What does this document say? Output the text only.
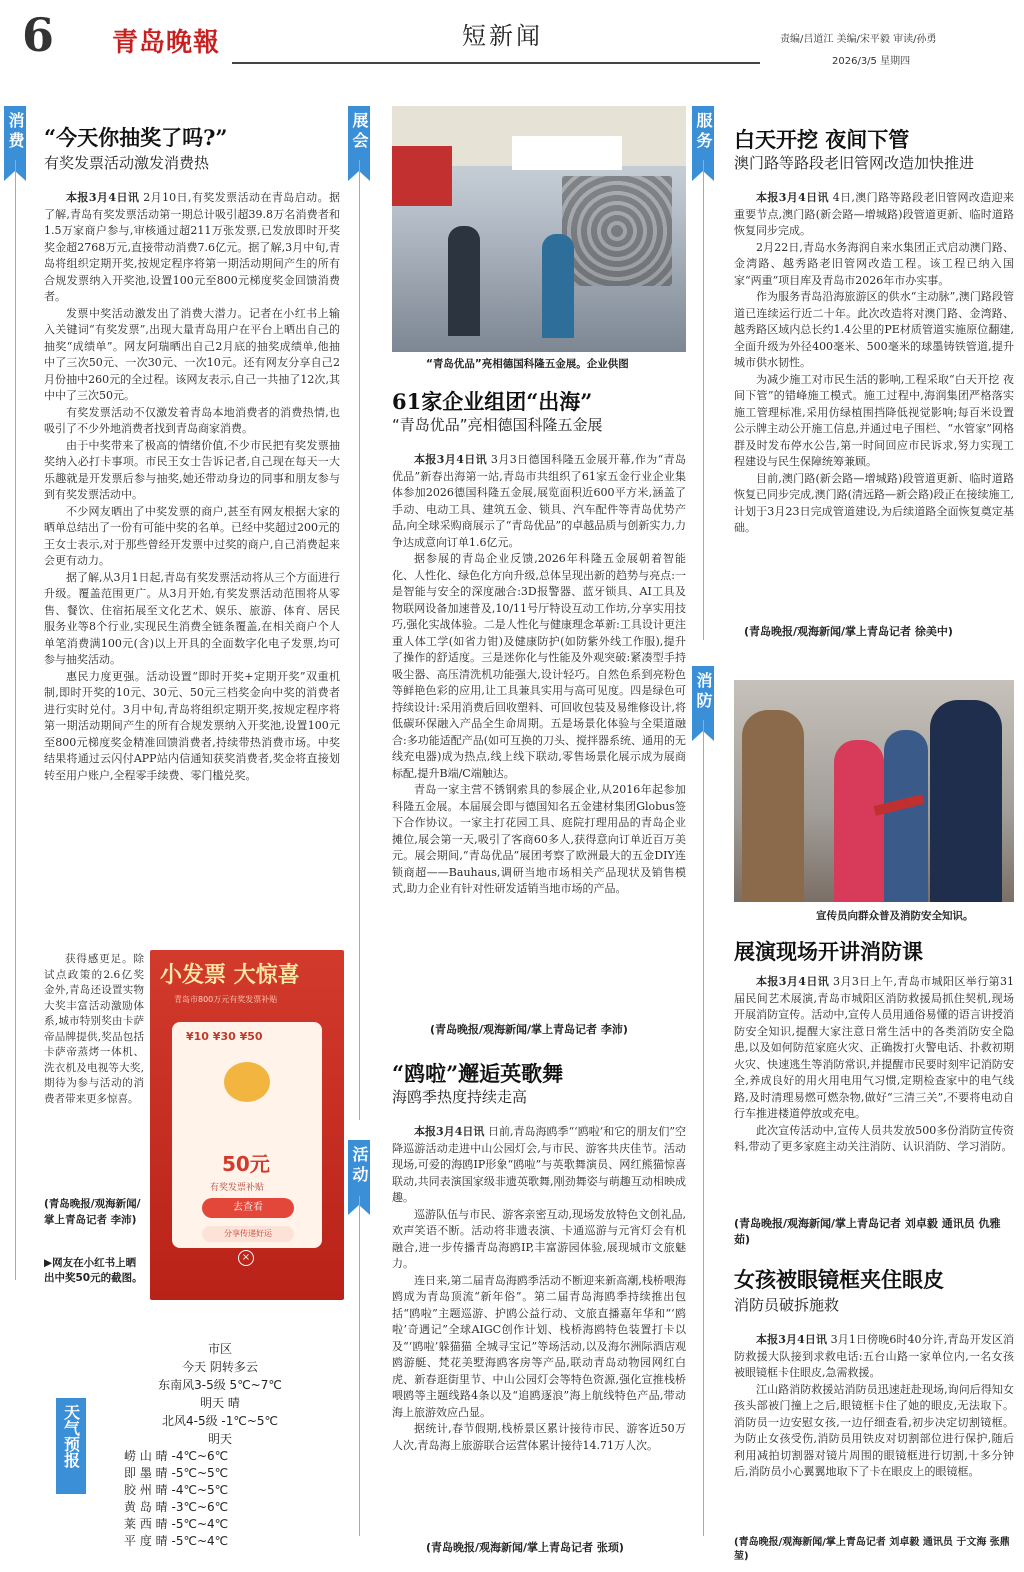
6 青岛晚報	短新闻	责编/吕道江 美编/宋平毅 审读/孙勇
2026/3/5 星期四
消费 “今天你抽奖了吗?”
有奖发票活动激发消费热

本报3月4日讯 2月10日,有奖发票活动在青岛启动。据了解,青岛有奖发票活动第一期总计吸引超39.8万名消费者和1.5万家商户参与,审核通过超211万张发票,已发放即时开奖奖金超2768万元,直接带动消费7.6亿元。据了解,3月中旬,青岛将组织定期开奖,按规定程序将第一期活动期间产生的所有合规发票纳入开奖池,设置100元至800元梯度奖金回馈消费者。

发票中奖活动激发出了消费大潜力。记者在小红书上输入关键词“有奖发票”,出现大量青岛用户在平台上晒出自己的抽奖“成绩单”。网友阿瑞晒出自己2月底的抽奖成绩单,他抽中了三次50元、一次30元、一次10元。还有网友分享自己2月份抽中260元的全过程。该网友表示,自己一共抽了12次,其中中了三次50元。

有奖发票活动不仅激发着青岛本地消费者的消费热情,也吸引了不少外地消费者找到青岛商家消费。

由于中奖带来了极高的情绪价值,不少市民把有奖发票抽奖纳入必打卡事项。市民王女士告诉记者,自己现在每天一大乐趣就是开发票后参与抽奖,她还带动身边的同事和朋友参与到有奖发票活动中。

不少网友晒出了中奖发票的商户,甚至有网友根据大家的晒单总结出了一份有可能中奖的名单。已经中奖超过200元的王女士表示,对于那些曾经开发票中过奖的商户,自己消费起来会更有动力。

据了解,从3月1日起,青岛有奖发票活动将从三个方面进行升级。覆盖范围更广。从3月开始,有奖发票活动范围将从零售、餐饮、住宿拓展至文化艺术、娱乐、旅游、体育、居民服务业等8个行业,实现民生消费全链条覆盖,在相关商户个人单笔消费满100元(含)以上开具的全面数字化电子发票,均可参与抽奖活动。

惠民力度更强。活动设置“即时开奖+定期开奖”双重机制,即时开奖的10元、30元、50元三档奖金向中奖的消费者进行实时兑付。3月中旬,青岛将组织定期开奖,按规定程序将第一期活动期间产生的所有合规发票纳入开奖池,设置100元至800元梯度奖金精准回馈消费者,持续带热消费市场。中奖结果将通过云闪付APP站内信通知获奖消费者,奖金将直接划转至用户账户,全程零手续费、零门槛兑奖。

获得感更足。除试点政策的2.6亿奖金外,青岛还设置实物大奖丰富活动激励体系,城市特别奖由卡萨帝品牌提供,奖品包括卡萨帝蒸烤一体机、洗衣机及电视等大奖,期待为参与活动的消费者带来更多惊喜。

(青岛晚报/观海新闻/掌上青岛记者 李沛)
▶网友在小红书上晒出中奖50元的截图。
小发票 大惊喜
青岛市800万元有奖发票补贴
¥10 ¥30 ¥50
50元
有奖发票补贴
去查看
分享传递好运
×
天气预报
市区
今天 阴转多云
东南风3-5级 5℃~7℃
明天 晴
北风4-5级 -1℃~5℃
明天
崂 山 晴 -4℃~6℃
即 墨 晴 -5℃~5℃
胶 州 晴 -4℃~5℃
黄 岛 晴 -3℃~6℃
莱 西 晴 -5℃~4℃
平 度 晴 -5℃~4℃
展会
“青岛优品”亮相德国科隆五金展。企业供图
61家企业组团“出海”
“青岛优品”亮相德国科隆五金展

本报3月4日讯 3月3日德国科隆五金展开幕,作为“青岛优品”新春出海第一站,青岛市共组织了61家五金行业企业集体参加2026德国科隆五金展,展览面积近600平方米,涵盖了手动、电动工具、建筑五金、锁具、汽车配件等青岛优势产品,向全球采购商展示了“青岛优品”的卓越品质与创新实力,力争达成意向订单1.6亿元。

据参展的青岛企业反馈,2026年科隆五金展朝着智能化、人性化、绿色化方向升级,总体呈现出新的趋势与亮点:一是智能与安全的深度融合:3D报警器、蓝牙锁具、AI工具及物联网设备加速普及,10/11号厅特设互动工作坊,分享实用技巧,强化实战体验。二是人性化与健康理念革新:工具设计更注重人体工学(如省力钳)及健康防护(如防紫外线工作服),提升了操作的舒适度。三是迷你化与性能及外观突破:紧凑型手持吸尘器、高压清洗机功能强大,设计轻巧。自然色系到亮粉色等鲜艳色彩的应用,让工具兼具实用与高可见度。四是绿色可持续设计:采用消费后回收塑料、可回收包装及易维修设计,将低碳环保融入产品全生命周期。五是场景化体验与全渠道融合:多功能适配产品(如可互换的刀头、搅拌器系统、通用的无线充电器)成为热点,线上线下联动,零售场景化展示成为展商标配,提升B端/C端触达。

青岛一家主营不锈钢索具的参展企业,从2016年起参加科隆五金展。本届展会即与德国知名五金建材集团Globus签下合作协议。一家主打花园工具、庭院打理用品的青岛企业摊位,展会第一天,吸引了客商60多人,获得意向订单近百万美元。展会期间,“青岛优品”展团考察了欧洲最大的五金DIY连锁商超——Bauhaus,调研当地市场相关产品现状及销售模式,助力企业有针对性研发适销当地市场的产品。

(青岛晚报/观海新闻/掌上青岛记者 李沛)
活动
“鸥啦”邂逅英歌舞
海鸥季热度持续走高

本报3月4日讯 日前,青岛海鸥季“‘鸥啦’和它的朋友们”空降巡游活动走进中山公园灯会,与市民、游客共庆佳节。活动现场,可爱的海鸥IP形象“鸥啦”与英歌舞演员、网红熊猫惊喜联动,共同表演国家级非遗英歌舞,刚劲舞姿与萌趣互动相映成趣。

巡游队伍与市民、游客亲密互动,现场发放特色文创礼品,欢声笑语不断。活动将非遗表演、卡通巡游与元宵灯会有机融合,进一步传播青岛海鸥IP,丰富游园体验,展现城市文旅魅力。

连日来,第二届青岛海鸥季活动不断迎来新高潮,栈桥喂海鸥成为青岛顶流“新年俗”。第二届青岛海鸥季持续推出包括“鸥啦”主题巡游、护鸥公益行动、文旅直播嘉年华和“‘鸥啦’奇遇记”全球AIGC创作计划、栈桥海鸥特色装置打卡以及“‘鸥啦’躲猫猫 全城寻宝记”等场活动,以及海尔洲际酒店观鸥游艇、梵花美墅海鸥客房等产品,联动青岛动物园网红白虎、新春逛街里节、中山公园灯会等特色资源,强化宣推栈桥喂鸥等主题线路4条以及“追鸥逐浪”海上航线特色产品,带动海上旅游效应凸显。

据统计,春节假期,栈桥景区累计接待市民、游客近50万人次,青岛海上旅游联合运营体累计接待14.71万人次。

(青岛晚报/观海新闻/掌上青岛记者 张顼)
服务 白天开挖 夜间下管
澳门路等路段老旧管网改造加快推进

本报3月4日讯 4日,澳门路等路段老旧管网改造迎来重要节点,澳门路(新会路—增城路)段管道更新、临时道路恢复同步完成。

2月22日,青岛水务海润自来水集团正式启动澳门路、金湾路、越秀路老旧管网改造工程。该工程已纳入国家“两重”项目库及青岛市2026年市办实事。

作为服务青岛沿海旅游区的供水“主动脉”,澳门路段管道已连续运行近二十年。此次改造将对澳门路、金湾路、越秀路区域内总长约1.4公里的PE材质管道实施原位翻建,全面升级为外径400毫米、500毫米的球墨铸铁管道,提升城市供水韧性。

为减少施工对市民生活的影响,工程采取“白天开挖 夜间下管”的错峰施工模式。施工过程中,海润集团严格落实施工管理标准,采用仿绿植围挡降低视觉影响;每百米设置公示牌主动公开施工信息,并通过电子围栏、“水管家”网格群及时发布停水公告,第一时间回应市民诉求,努力实现工程建设与民生保障统筹兼顾。

目前,澳门路(新会路—增城路)段管道更新、临时道路恢复已同步完成,澳门路(清远路—新会路)段正在接续施工,计划于3月23日完成管道建设,为后续道路全面恢复奠定基础。

(青岛晚报/观海新闻/掌上青岛记者 徐美中)
消防
宣传员向群众普及消防安全知识。
展演现场开讲消防课

本报3月4日讯 3月3日上午,青岛市城阳区举行第31届民间艺术展演,青岛市城阳区消防救援局抓住契机,现场开展消防宣传。活动中,宣传人员用通俗易懂的语言讲授消防安全知识,提醒大家注意日常生活中的各类消防安全隐患,以及如何防范家庭火灾、正确拨打火警电话、扑救初期火灾、快速逃生等消防常识,并提醒市民要时刻牢记消防安全,养成良好的用火用电用气习惯,定期检查家中的电气线路,及时清理易燃可燃杂物,做好“三清三关”,不要将电动自行车推进楼道停放或充电。

此次宣传活动中,宣传人员共发放500多份消防宣传资料,带动了更多家庭主动关注消防、认识消防、学习消防。

(青岛晚报/观海新闻/掌上青岛记者 刘卓毅 通讯员 仇雅茹)
女孩被眼镜框夹住眼皮
消防员破拆施救

本报3月4日讯 3月1日傍晚6时40分许,青岛开发区消防救援大队接到求救电话:五台山路一家单位内,一名女孩被眼镜框卡住眼皮,急需救援。

江山路消防救援站消防员迅速赶赴现场,询问后得知女孩头部被门撞上之后,眼镜框卡住了她的眼皮,无法取下。消防员一边安慰女孩,一边仔细查看,初步决定切割镜框。为防止女孩受伤,消防员用铁皮对切割部位进行保护,随后利用减拍切割器对镜片周围的眼镜框进行切割,十多分钟后,消防员小心翼翼地取下了卡在眼皮上的眼镜框。

(青岛晚报/观海新闻/掌上青岛记者 刘卓毅 通讯员 于文海 张鼎堃)
